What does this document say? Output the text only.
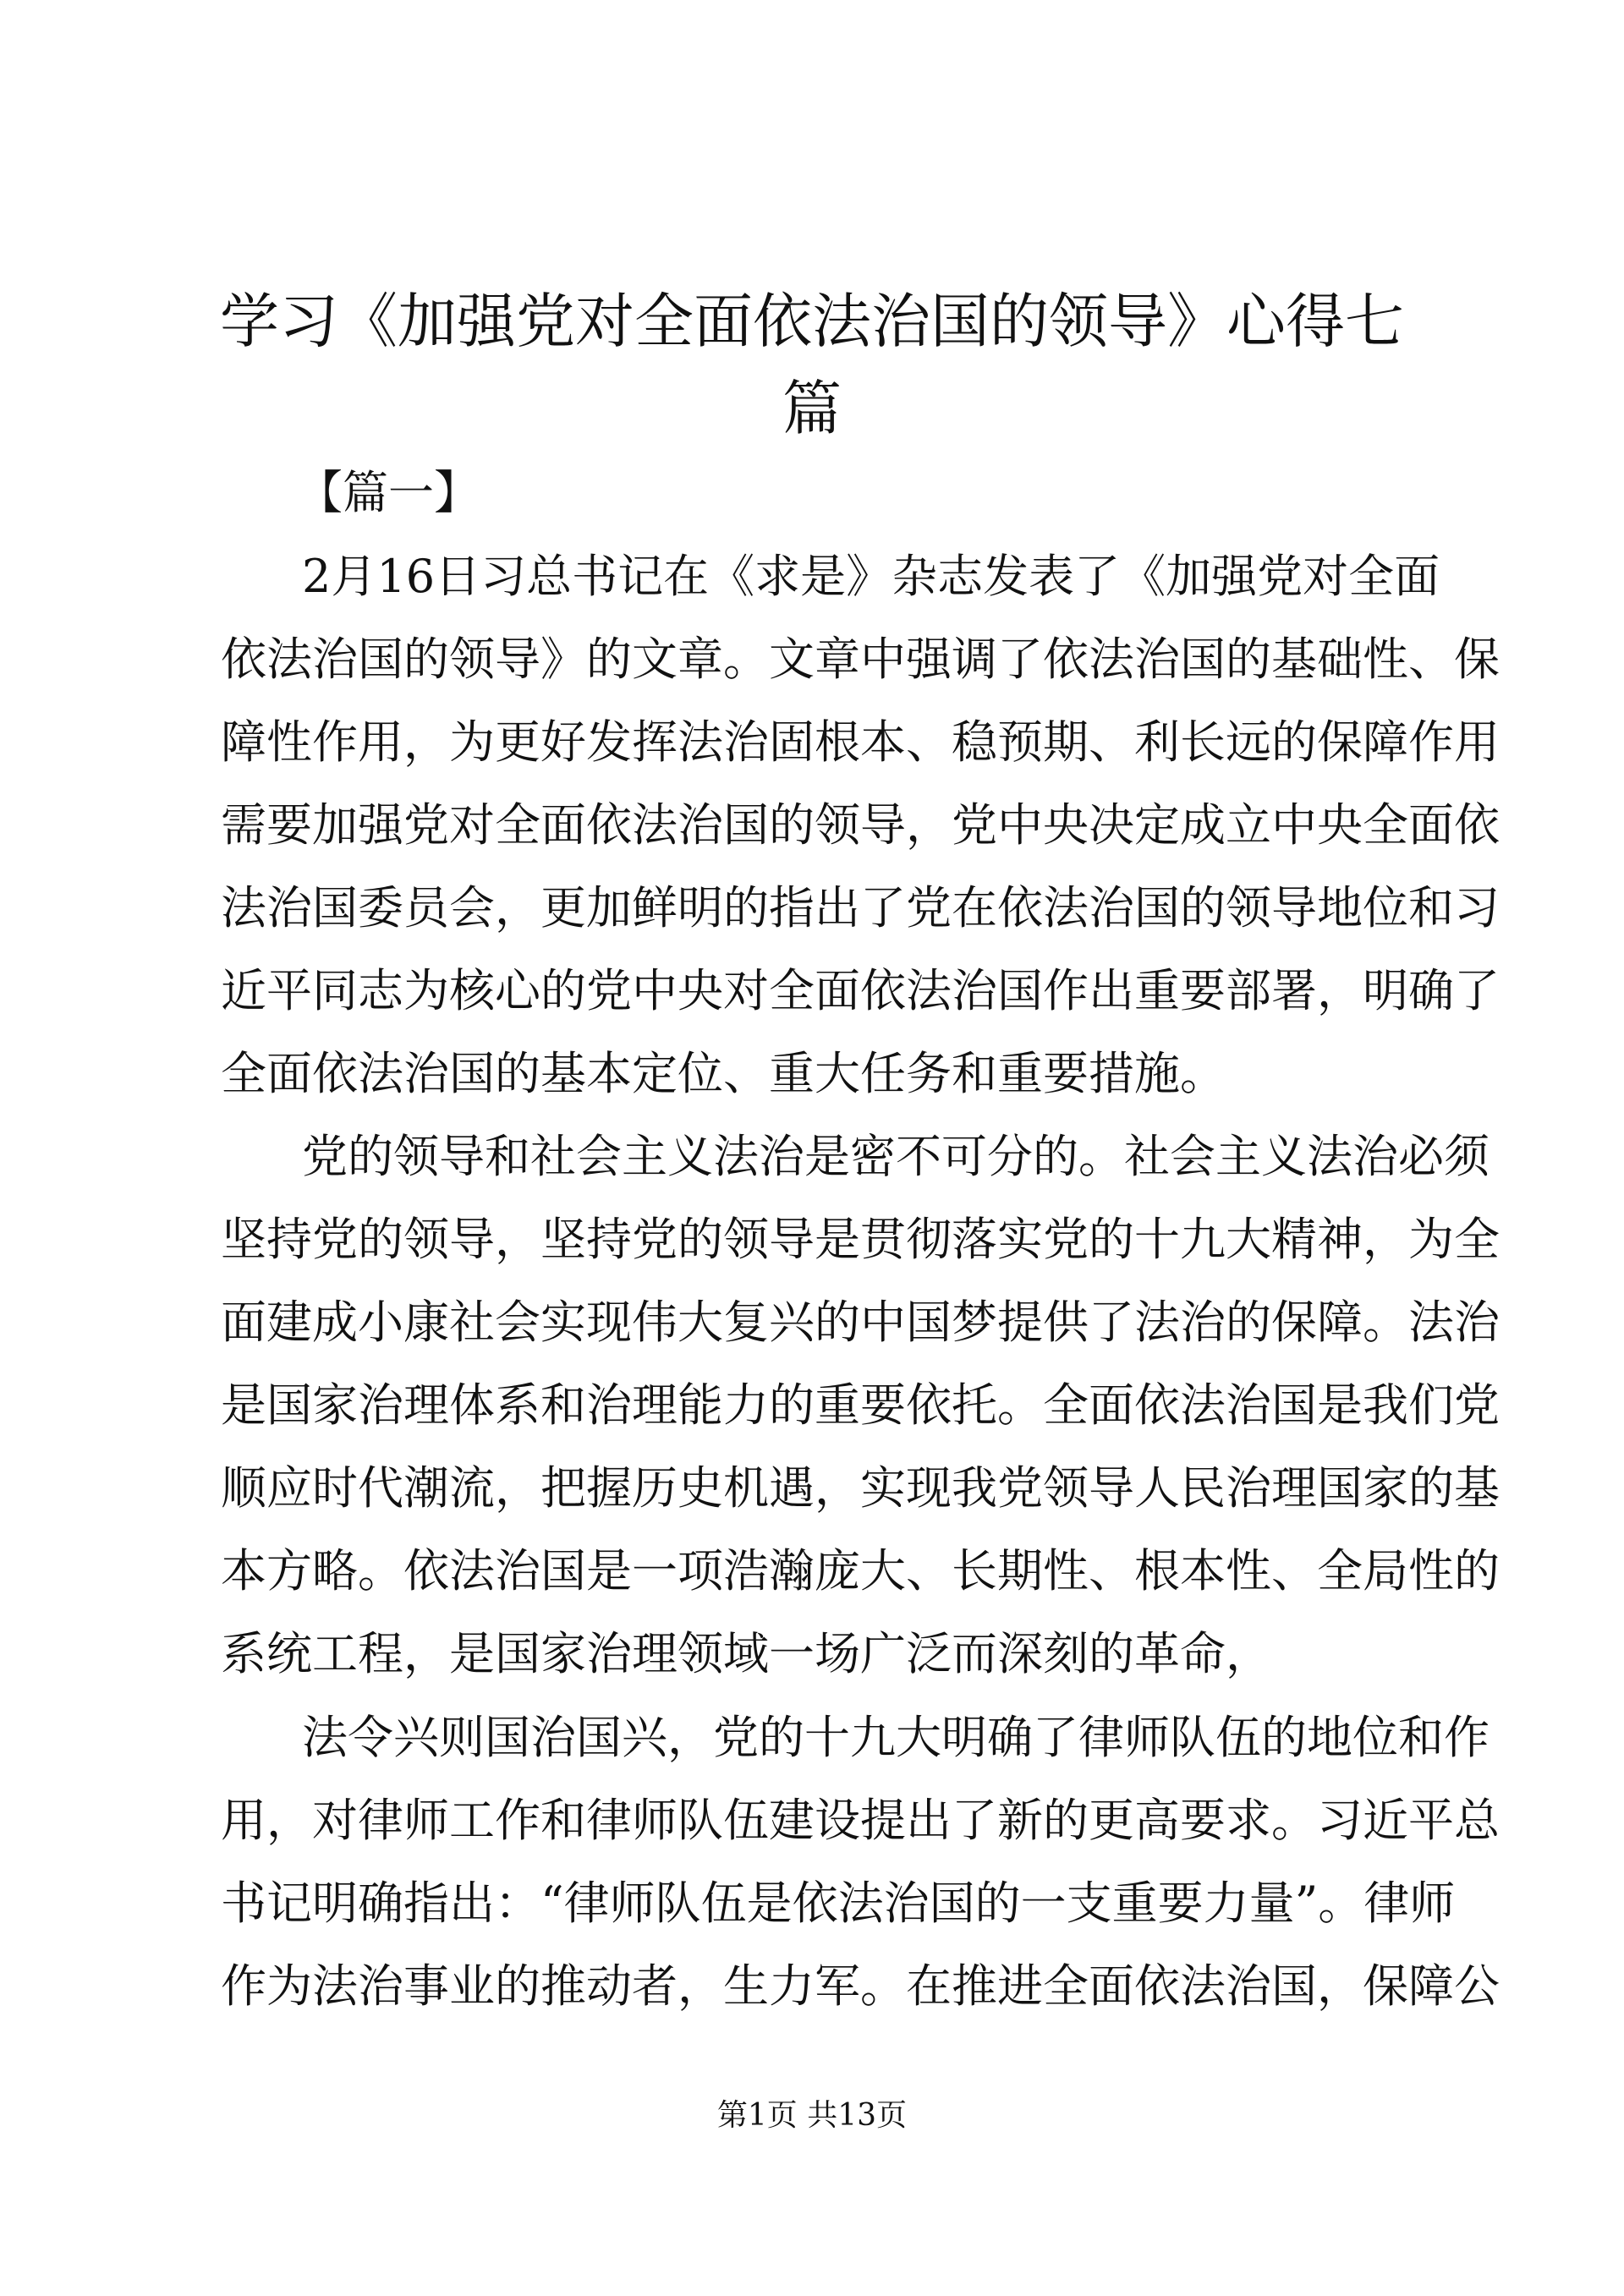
学习《加强党对全面依法治国的领导》心得七
篇
【篇一】
2月16日习总书记在《求是》杂志发表了《加强党对全面
依法治国的领导》的文章。文章中强调了依法治国的基础性、保
障性作用，为更好发挥法治固根本、稳预期、利长远的保障作用
需要加强党对全面依法治国的领导，党中央决定成立中央全面依
法治国委员会，更加鲜明的指出了党在依法治国的领导地位和习
近平同志为核心的党中央对全面依法治国作出重要部署，明确了
全面依法治国的基本定位、重大任务和重要措施。
党的领导和社会主义法治是密不可分的。社会主义法治必须
坚持党的领导，坚持党的领导是贯彻落实党的十九大精神，为全
面建成小康社会实现伟大复兴的中国梦提供了法治的保障。法治
是国家治理体系和治理能力的重要依托。全面依法治国是我们党
顺应时代潮流，把握历史机遇，实现我党领导人民治理国家的基
本方略。依法治国是一项浩瀚庞大、长期性、根本性、全局性的
系统工程，是国家治理领域一场广泛而深刻的革命，
法令兴则国治国兴，党的十九大明确了律师队伍的地位和作
用，对律师工作和律师队伍建设提出了新的更高要求。习近平总
书记明确指出：“律师队伍是依法治国的一支重要力量”。律师
作为法治事业的推动者，生力军。在推进全面依法治国，保障公
第1页 共13页
